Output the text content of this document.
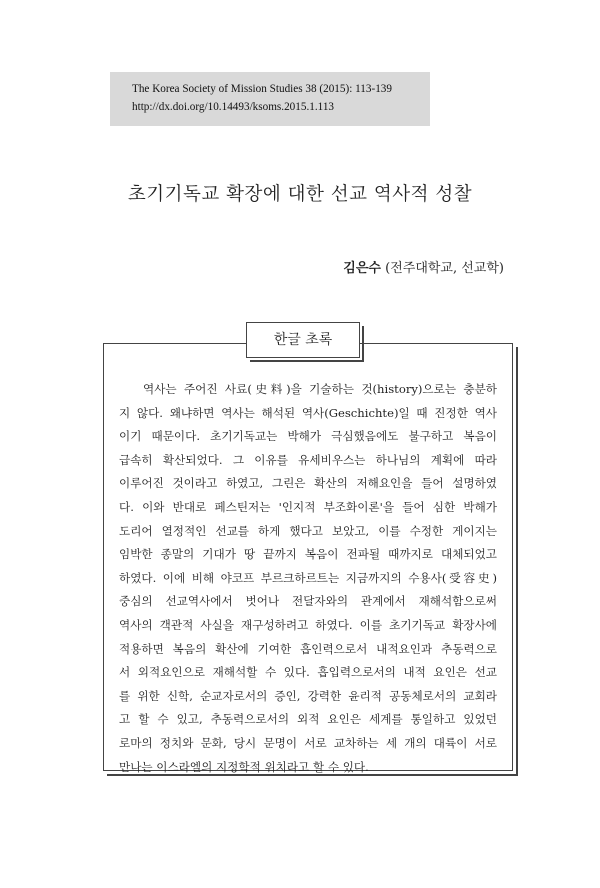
The Korea Society of Mission Studies 38 (2015): 113-139
http://dx.doi.org/10.14493/ksoms.2015.1.113
초기기독교 확장에 대한 선교 역사적 성찰
김은수 (전주대학교, 선교학)
한글 초록
역사는 주어진 사료(史料)을 기술하는 것(history)으로는 충분하
지 않다. 왜냐하면 역사는 해석된 역사(Geschichte)일 때 진정한 역사
이기 때문이다. 초기기독교는 박해가 극심했음에도 불구하고 복음이
급속히 확산되었다. 그 이유를 유세비우스는 하나님의 계획에 따라
이루어진 것이라고 하였고, 그린은 확산의 저해요인을 들어 설명하였
다. 이와 반대로 페스틴저는 '인지적 부조화이론'을 들어 심한 박해가
도리어 열정적인 선교를 하게 했다고 보았고, 이를 수정한 게이지는
임박한 종말의 기대가 땅 끝까지 복음이 전파될 때까지로 대체되었고
하였다. 이에 비해 야코프 부르크하르트는 지금까지의 수용사(受容史)
중심의 선교역사에서 벗어나 전달자와의 관계에서 재해석함으로써
역사의 객관적 사실을 재구성하려고 하였다. 이를 초기기독교 확장사에
적용하면 복음의 확산에 기여한 흡인력으로서 내적요인과 추동력으로
서 외적요인으로 재해석할 수 있다. 흡입력으로서의 내적 요인은 선교
를 위한 신학, 순교자로서의 증인, 강력한 윤리적 공동체로서의 교회라
고 할 수 있고, 추동력으로서의 외적 요인은 세계를 통일하고 있었던
로마의 정치와 문화, 당시 문명이 서로 교차하는 세 개의 대륙이 서로
만나는 이스라엘의 지정학적 위치라고 할 수 있다.
